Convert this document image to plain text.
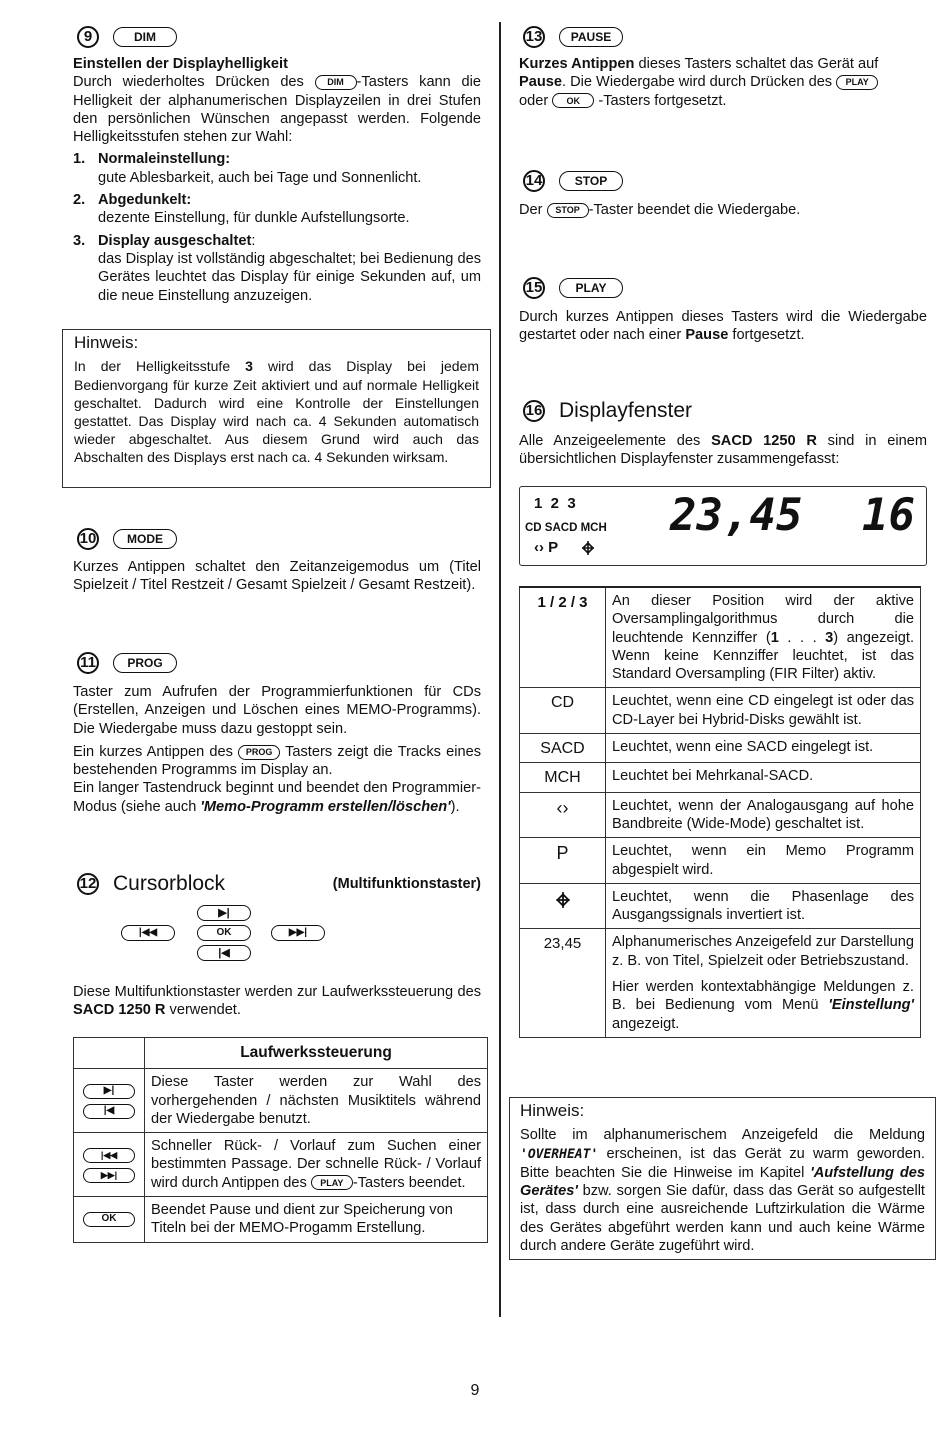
9	DIM

Einstellen der Displayhelligkeit

Durch wiederholtes Drücken des	DIM -Tasters kann die Helligkeit der alphanumerischen Displayzeilen in drei Stufen den persönlichen Wünschen angepasst werden. Folgende Helligkeitsstufen stehen zur Wahl:

1. Normaleinstellung:
gute Ablesbarkeit, auch bei Tage und Sonnenlicht.
2. Abgedunkelt:
dezente Einstellung, für dunkle Aufstellungsorte.
3. Display ausgeschaltet:
das Display ist vollständig abgeschaltet; bei Bedienung des Gerätes leuchtet das Display für einige Sekunden auf, um die neue Einstellung anzuzeigen.
Hinweis:

In der Helligkeitsstufe 3 wird das Display bei jedem Bedienvorgang für kurze Zeit aktiviert und auf normale Helligkeit geschaltet. Dadurch wird eine Kontrolle der Einstellungen gestattet. Das Display wird nach ca. 4 Sekunden automatisch wieder abgeschaltet. Aus diesem Grund wird auch das Abschalten des Displays erst nach ca. 4 Sekunden wirksam.

10	MODE

Kurzes Antippen schaltet den Zeitanzeigemodus um (Titel Spielzeit / Titel Restzeit / Gesamt Spielzeit / Gesamt Restzeit).

11	PROG

Taster zum Aufrufen der Programmierfunktionen für CDs (Erstellen, Anzeigen und Löschen eines MEMO-Programms). Die Wiedergabe muss dazu gestoppt sein.

Ein kurzes Antippen des PROG Tasters zeigt die Tracks eines bestehenden Programms im Display an.

Ein langer Tastendruck beginnt und beendet den Programmier-Modus (siehe auch 'Memo-Programm erstellen/löschen').

12 Cursorblock	(Multifunktionstaster)
▶|
OK
|◀
|◀◀	▶▶|

Diese Multifunktionstaster werden zur Laufwerkssteuerung des SACD 1250 R verwendet.

	Laufwerkssteuerung
▶|
|◀	Diese Taster werden zur Wahl des vorhergehenden / nächsten Musiktitels während der Wiedergabe benutzt.
|◀◀
▶▶|	Schneller Rück- / Vorlauf zum Suchen einer bestimmten Passage. Der schnelle Rück- / Vorlauf wird durch Antippen des PLAY -Tasters beendet.
OK	Beendet Pause und dient zur Speicherung von Titeln bei der MEMO-Progamm Erstellung.
13	PAUSE

Kurzes Antippen dieses Tasters schaltet das Gerät auf Pause. Die Wiedergabe wird durch Drücken des PLAY
oder OK -Tasters fortgesetzt.

14	STOP

Der STOP -Taster beendet die Wiedergabe.

15	PLAY

Durch kurzes Antippen dieses Tasters wird die Wiedergabe gestartet oder nach einer Pause fortgesetzt.

16 Displayfenster

Alle Anzeigeelemente des SACD 1250 R sind in einem übersichtlichen Displayfenster zusammengefasst:

1  2  3
CD SACD MCH
‹› P
23,45 16
1 / 2 / 3	An dieser Position wird der aktive Oversamplingalgorithmus durch die leuchtende Kennziffer (1 . . . 3) angezeigt. Wenn keine Kennziffer leuchtet, ist das Standard Oversampling (FIR Filter) aktiv.
CD	Leuchtet, wenn eine CD eingelegt ist oder das CD-Layer bei Hybrid-Disks gewählt ist.
SACD	Leuchtet, wenn eine SACD eingelegt ist.
MCH	Leuchtet bei Mehrkanal-SACD.
‹›	Leuchtet, wenn der Analogausgang auf hohe Bandbreite (Wide-Mode) geschaltet ist.
P	Leuchtet, wenn ein Memo Programm abgespielt wird.
	Leuchtet, wenn die Phasenlage des Ausgangssignals invertiert ist.
23,45	Alphanumerisches Anzeigefeld zur Darstellung z. B. von Titel, Spielzeit oder Betriebszustand.
Hier werden kontextabhängige Meldungen z. B. bei Bedienung vom Menü 'Einstellung' angezeigt.
Hinweis:

Sollte im alphanumerischem Anzeigefeld die Meldung 'OVERHEAT' erscheinen, ist das Gerät zu warm geworden. Bitte beachten Sie die Hinweise im Kapitel 'Aufstellung des Gerätes' bzw. sorgen Sie dafür, dass das Gerät so aufgestellt ist, dass durch eine ausreichende Luftzirkulation die Wärme des Gerätes abgeführt werden kann und auch keine Wärme durch andere Geräte zugeführt wird.

9
